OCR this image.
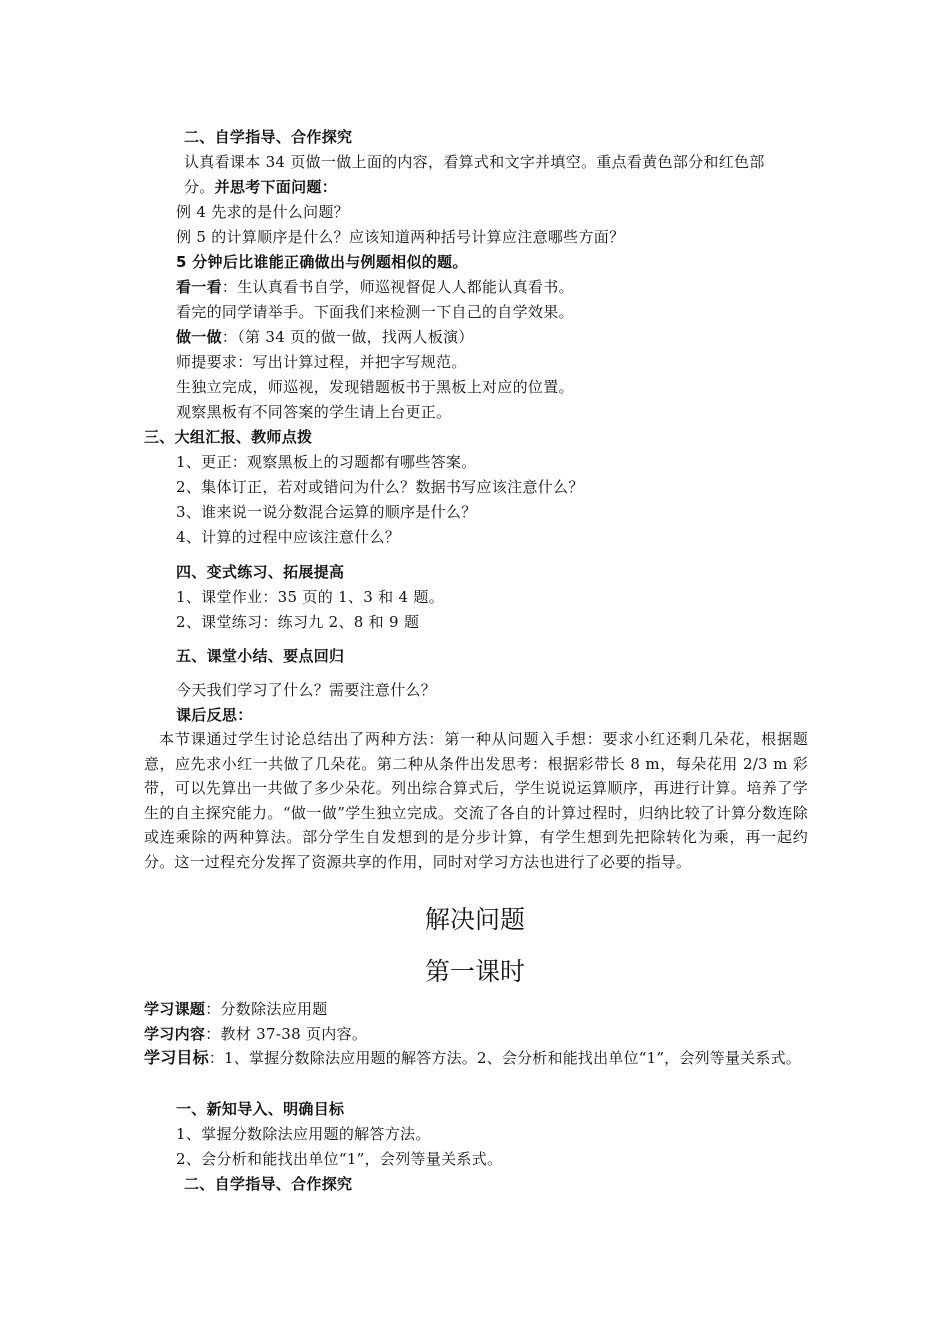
二、自学指导、合作探究
认真看课本 34 页做一做上面的内容，看算式和文字并填空。重点看黄色部分和红色部
分。并思考下面问题：
例 4 先求的是什么问题？
例 5 的计算顺序是什么？应该知道两种括号计算应注意哪些方面？
5 分钟后比谁能正确做出与例题相似的题。
看一看：生认真看书自学，师巡视督促人人都能认真看书。
看完的同学请举手。下面我们来检测一下自己的自学效果。
做一做：（第 34 页的做一做，找两人板演）
师提要求：写出计算过程，并把字写规范。
生独立完成，师巡视，发现错题板书于黑板上对应的位置。
观察黑板有不同答案的学生请上台更正。
三、大组汇报、教师点拨
1、更正：观察黑板上的习题都有哪些答案。
2、集体订正，若对或错问为什么？数据书写应该注意什么？
3、谁来说一说分数混合运算的顺序是什么？
4、计算的过程中应该注意什么？
四、变式练习、拓展提高
1、课堂作业：35 页的 1、3 和 4 题。
2、课堂练习：练习九 2、8 和 9 题
五、课堂小结、要点回归
今天我们学习了什么？需要注意什么？
课后反思：
本节课通过学生讨论总结出了两种方法：第一种从问题入手想：要求小红还剩几朵花，根据题意，应先求小红一共做了几朵花。第二种从条件出发思考：根据彩带长 8 m，每朵花用 2/3 m 彩带，可以先算出一共做了多少朵花。列出综合算式后，学生说说运算顺序，再进行计算。培养了学生的自主探究能力。“做一做”学生独立完成。交流了各自的计算过程时，归纳比较了计算分数连除或连乘除的两种算法。部分学生自发想到的是分步计算，有学生想到先把除转化为乘，再一起约分。这一过程充分发挥了资源共享的作用，同时对学习方法也进行了必要的指导。
解决问题
第一课时
学习课题：分数除法应用题
学习内容：教材 37-38 页内容。
学习目标：1、掌握分数除法应用题的解答方法。2、会分析和能找出单位“1”，会列等量关系式。
一、新知导入、明确目标
1、掌握分数除法应用题的解答方法。
2、会分析和能找出单位“1”，会列等量关系式。
二、自学指导、合作探究
